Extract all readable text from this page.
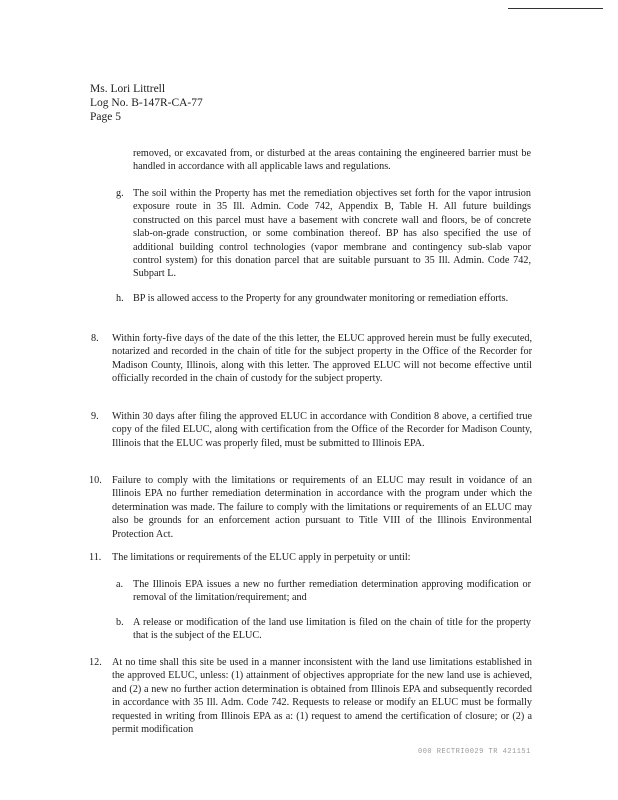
Ms. Lori Littrell
Log No. B-147R-CA-77
Page 5
removed, or excavated from, or disturbed at the areas containing the engineered barrier must be handled in accordance with all applicable laws and regulations.
g. The soil within the Property has met the remediation objectives set forth for the vapor intrusion exposure route in 35 Ill. Admin. Code 742, Appendix B, Table H. All future buildings constructed on this parcel must have a basement with concrete wall and floors, be of concrete slab-on-grade construction, or some combination thereof. BP has also specified the use of additional building control technologies (vapor membrane and contingency sub-slab vapor control system) for this donation parcel that are suitable pursuant to 35 Ill. Admin. Code 742, Subpart L.
h. BP is allowed access to the Property for any groundwater monitoring or remediation efforts.
8. Within forty-five days of the date of the this letter, the ELUC approved herein must be fully executed, notarized and recorded in the chain of title for the subject property in the Office of the Recorder for Madison County, Illinois, along with this letter. The approved ELUC will not become effective until officially recorded in the chain of custody for the subject property.
9. Within 30 days after filing the approved ELUC in accordance with Condition 8 above, a certified true copy of the filed ELUC, along with certification from the Office of the Recorder for Madison County, Illinois that the ELUC was properly filed, must be submitted to Illinois EPA.
10. Failure to comply with the limitations or requirements of an ELUC may result in voidance of an Illinois EPA no further remediation determination in accordance with the program under which the determination was made. The failure to comply with the limitations or requirements of an ELUC may also be grounds for an enforcement action pursuant to Title VIII of the Illinois Environmental Protection Act.
11. The limitations or requirements of the ELUC apply in perpetuity or until:
a. The Illinois EPA issues a new no further remediation determination approving modification or removal of the limitation/requirement; and
b. A release or modification of the land use limitation is filed on the chain of title for the property that is the subject of the ELUC.
12. At no time shall this site be used in a manner inconsistent with the land use limitations established in the approved ELUC, unless: (1) attainment of objectives appropriate for the new land use is achieved, and (2) a new no further action determination is obtained from Illinois EPA and subsequently recorded in accordance with 35 Ill. Adm. Code 742. Requests to release or modify an ELUC must be formally requested in writing from Illinois EPA as a: (1) request to amend the certification of closure; or (2) a permit modification
000 RECTRI0029 TR 421151
